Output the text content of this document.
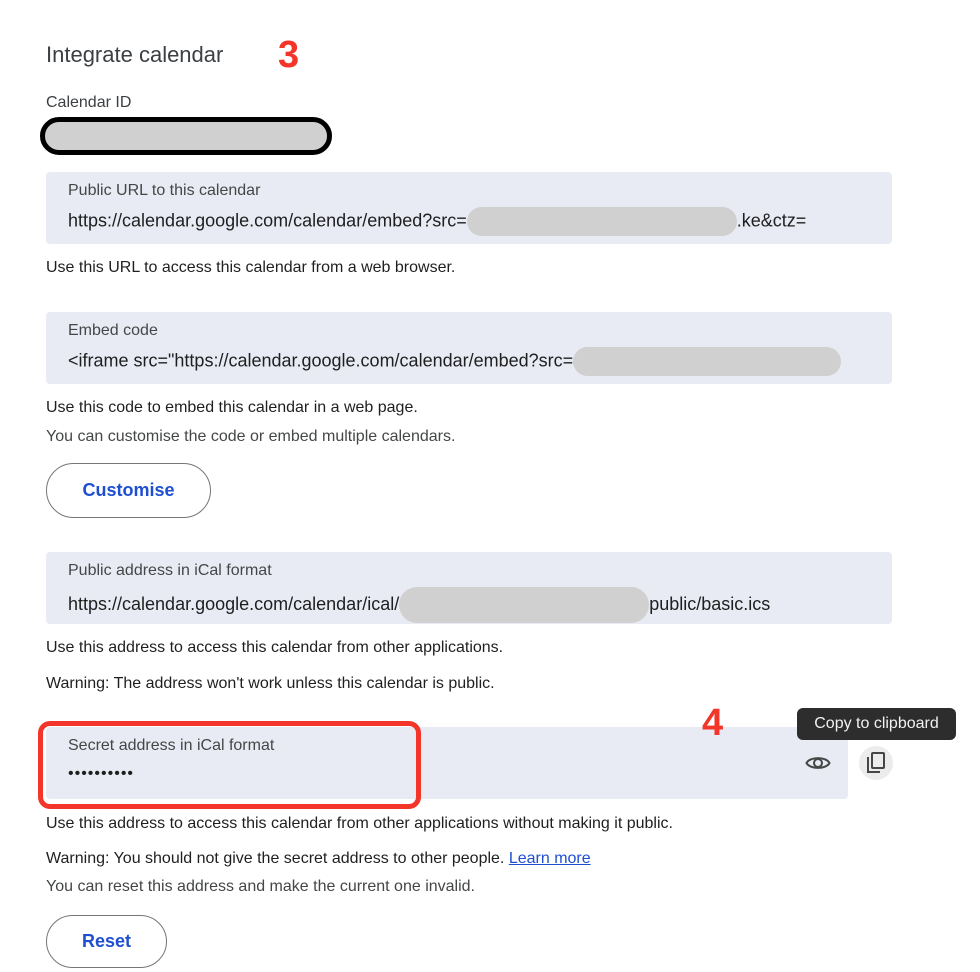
Integrate calendar 3
Calendar ID
Public URL to this calendar
https://calendar.google.com/calendar/embed?src=	.ke&ctz=
Use this URL to access this calendar from a web browser.
Embed code
<iframe src="https://calendar.google.com/calendar/embed?src=
Use this code to embed this calendar in a web page.
You can customise the code or embed multiple calendars.
Customise
Public address in iCal format
https://calendar.google.com/calendar/ical/	public/basic.ics
Use this address to access this calendar from other applications.
Warning: The address won't work unless this calendar is public.
Secret address in iCal format
••••••••••
4	Copy to clipboard
Use this address to access this calendar from other applications without making it public.
Warning: You should not give the secret address to other people. Learn more
You can reset this address and make the current one invalid.
Reset
